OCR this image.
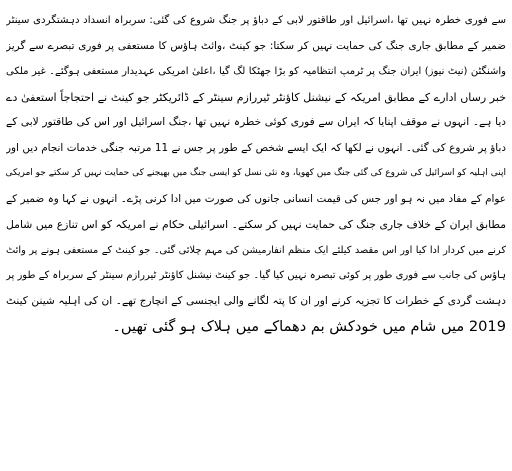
سے فوری خطرہ نہیں تھا ،اسرائیل اور طاقتور لابی کے دباؤ پر جنگ شروع کی گئی: سربراہ انسداد دہشتگردی سینٹر
ضمیر کے مطابق جاری جنگ کی حمایت نہیں کر سکتا: جو کینٹ ،وائٹ ہاؤس کا مستعفی پر فوری تبصرے سے گریز
واشنگٹن (نیٹ نیوز) ایران جنگ پر ٹرمپ انتظامیہ کو بڑا جھٹکا لگ گیا ،اعلیٰ امریکی عہدیدار مستعفی ہوگئے۔ غیر ملکی
خبر رساں ادارے کے مطابق امریکہ کے نیشنل کاؤنٹر ٹیررازم سینٹر کے ڈائریکٹر جو کینٹ نے احتجاجاً استعفیٰ دے
دیا ہے۔ انہوں نے موقف اپنایا کہ ایران سے فوری کوئی خطرہ نہیں تھا ،جنگ اسرائیل اور اس کی طاقتور لابی کے
دباؤ پر شروع کی گئی۔ انہوں نے لکھا کہ ایک ایسے شخص کے طور پر جس نے 11 مرتبہ جنگی خدمات انجام دیں اور
اپنی اہلیہ کو اسرائیل کی شروع کی گئی جنگ میں کھویا، وہ نئی نسل کو ایسی جنگ میں بھیجنے کی حمایت نہیں کر سکتے جو امریکی
عوام کے مفاد میں نہ ہو اور جس کی قیمت انسانی جانوں کی صورت میں ادا کرنی پڑے۔ انہوں نے کہا وہ ضمیر کے
مطابق ایران کے خلاف جاری جنگ کی حمایت نہیں کر سکتے۔ اسرائیلی حکام نے امریکہ کو اس تنازع میں شامل
کرنے میں کردار ادا کیا اور اس مقصد کیلئے ایک منظم انفارمیشن کی مہم چلائی گئی۔ جو کینٹ کے مستعفی ہونے پر وائٹ
ہاؤس کی جانب سے فوری طور پر کوئی تبصرہ نہیں کیا گیا۔ جو کینٹ نیشنل کاؤنٹر ٹیررازم سینٹر کے سربراہ کے طور پر
دہشت گردی کے خطرات کا تجزیہ کرنے اور ان کا پتہ لگانے والی ایجنسی کے انچارج تھے۔ ان کی اہلیہ شینن کینٹ
2019 میں شام میں خودکش بم دھماکے میں ہلاک ہو گئی تھیں۔
